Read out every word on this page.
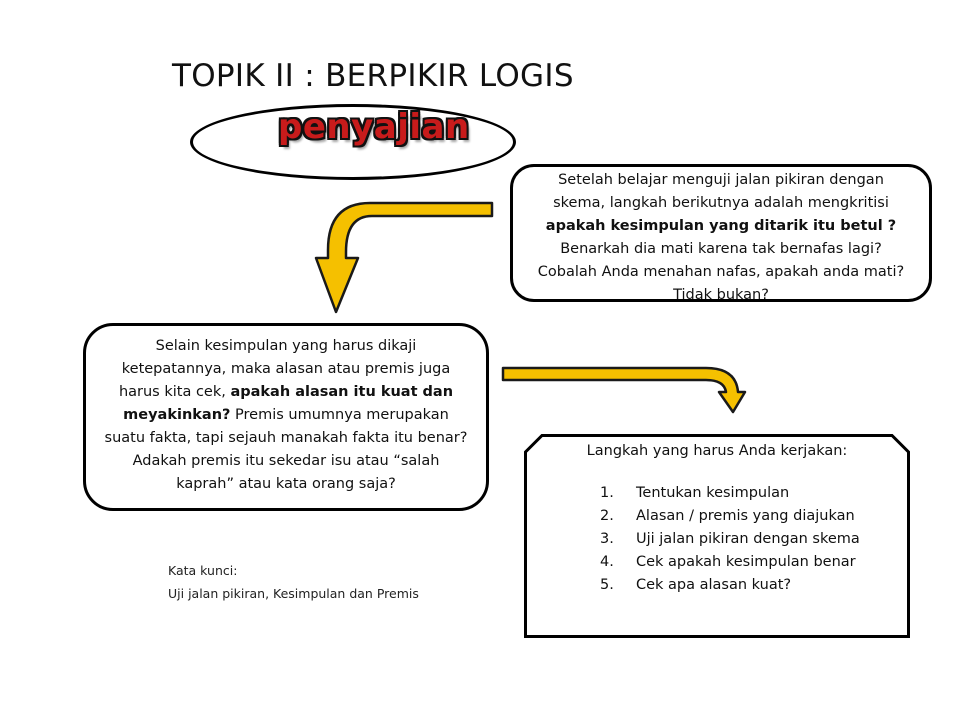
TOPIK II : BERPIKIR LOGIS
penyajian
Setelah belajar menguji jalan pikiran dengan
skema, langkah berikutnya adalah mengkritisi
apakah kesimpulan yang ditarik itu betul ?
Benarkah dia mati karena tak bernafas lagi?
Cobalah Anda menahan nafas, apakah anda mati?
Tidak bukan?
Selain kesimpulan yang harus dikaji ketepatannya, maka alasan atau premis juga harus kita cek, apakah alasan itu kuat dan meyakinkan? Premis umumnya merupakan suatu fakta, tapi sejauh manakah fakta itu benar? Adakah premis itu sekedar isu atau “salah kaprah” atau kata orang saja?
Langkah yang harus Anda kerjakan:
1.	Tentukan kesimpulan
2.	Alasan / premis yang diajukan
3.	Uji jalan pikiran dengan skema
4.	Cek apakah kesimpulan benar
5.	Cek apa alasan kuat?
Kata kunci:
Uji jalan pikiran, Kesimpulan dan Premis
